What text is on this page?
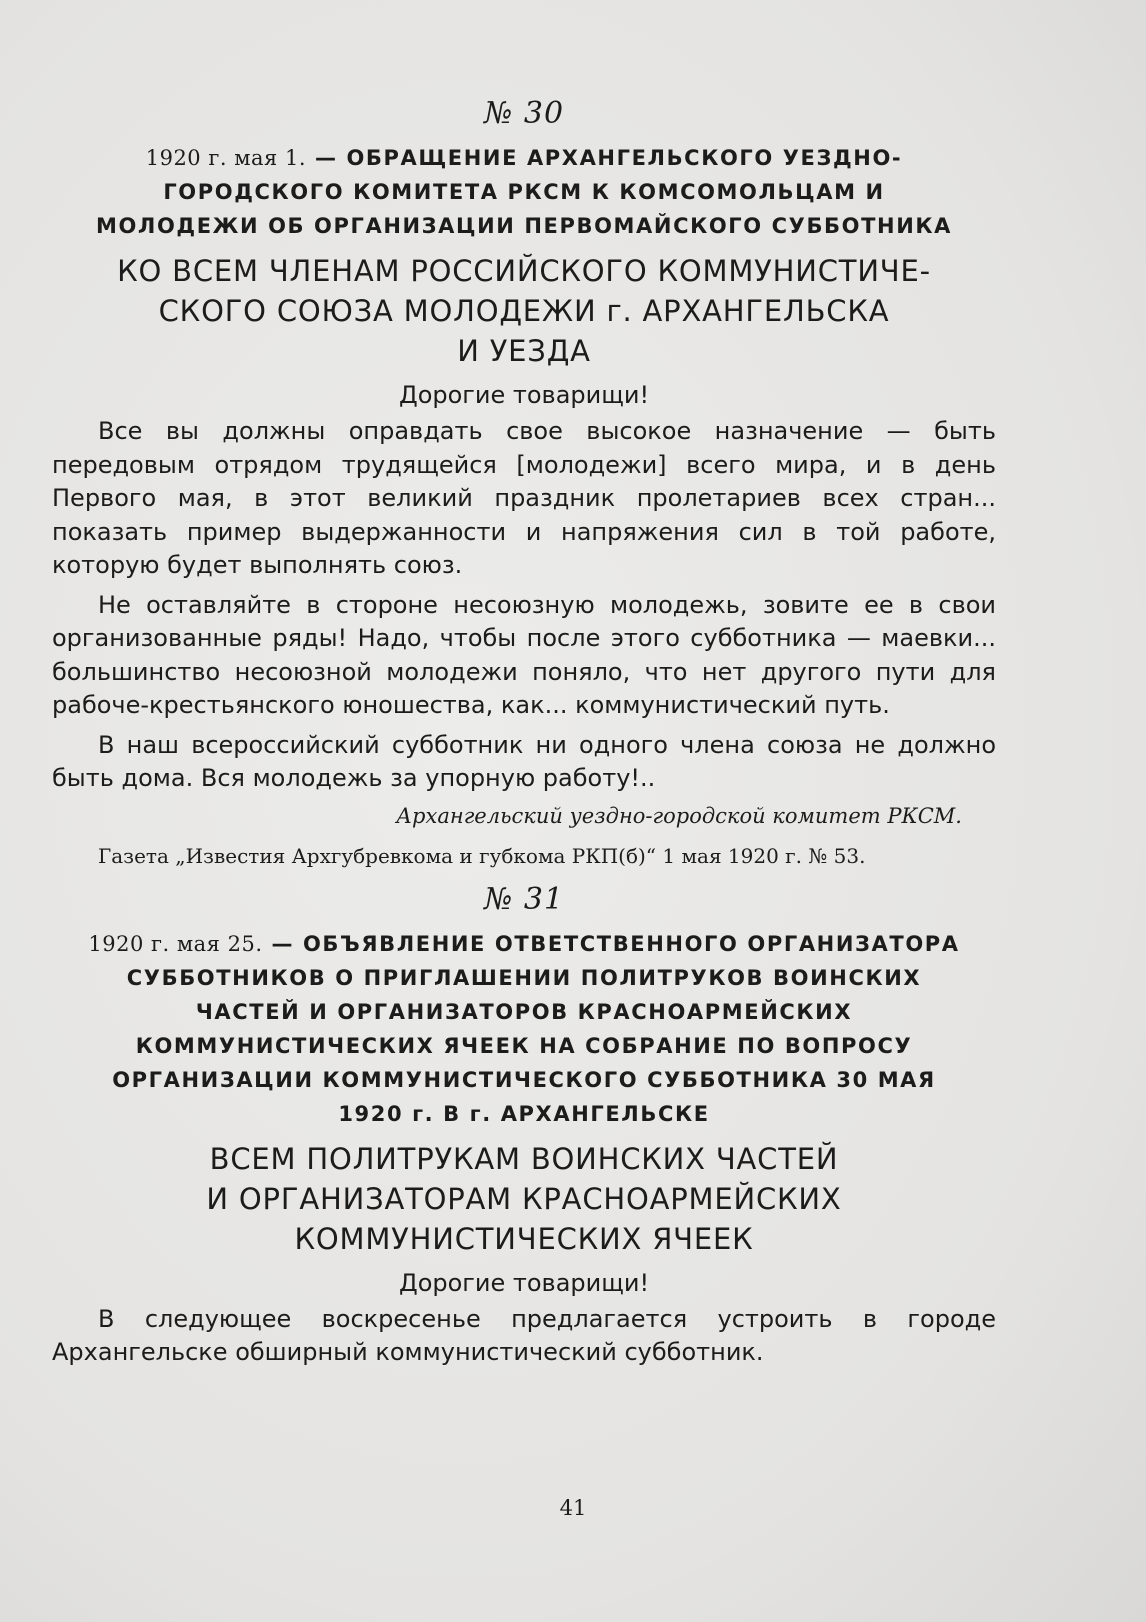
№ 30
1920 г. мая 1. — ОБРАЩЕНИЕ АРХАНГЕЛЬСКОГО УЕЗДНО-
ГОРОДСКОГО КОМИТЕТА РКСМ К КОМСОМОЛЬЦАМ И
МОЛОДЕЖИ ОБ ОРГАНИЗАЦИИ ПЕРВОМАЙСКОГО СУББОТНИКА
КО ВСЕМ ЧЛЕНАМ РОССИЙСКОГО КОММУНИСТИЧЕ-
СКОГО СОЮЗА МОЛОДЕЖИ г. АРХАНГЕЛЬСКА
И УЕЗДА
Дорогие товарищи!

Все вы должны оправдать свое высокое назначение — быть передовым отрядом трудящейся [молодежи] всего мира, и в день Первого мая, в этот великий праздник пролетариев всех стран... показать пример выдержанности и напряжения сил в той работе, которую будет выполнять союз.

Не оставляйте в стороне несоюзную молодежь, зовите ее в свои организованные ряды! Надо, чтобы после этого субботника — маевки... большинство несоюзной молодежи поняло, что нет другого пути для рабоче-крестьянского юношества, как... коммунистический путь.

В наш всероссийский субботник ни одного члена союза не должно быть дома. Вся молодежь за упорную работу!..

Архангельский уездно-городской комитет РКСМ.

Газета „Известия Архгубревкома и губкома РКП(б)“ 1 мая 1920 г. № 53.

№ 31
1920 г. мая 25. — ОБЪЯВЛЕНИЕ ОТВЕТСТВЕННОГО ОРГАНИЗАТОРА
СУББОТНИКОВ О ПРИГЛАШЕНИИ ПОЛИТРУКОВ ВОИНСКИХ
ЧАСТЕЙ И ОРГАНИЗАТОРОВ КРАСНОАРМЕЙСКИХ
КОММУНИСТИЧЕСКИХ ЯЧЕЕК НА СОБРАНИЕ ПО ВОПРОСУ
ОРГАНИЗАЦИИ КОММУНИСТИЧЕСКОГО СУББОТНИКА 30 МАЯ
1920 г. В г. АРХАНГЕЛЬСКЕ
ВСЕМ ПОЛИТРУКАМ ВОИНСКИХ ЧАСТЕЙ
И ОРГАНИЗАТОРАМ КРАСНОАРМЕЙСКИХ
КОММУНИСТИЧЕСКИХ ЯЧЕЕК
Дорогие товарищи!

В следующее воскресенье предлагается устроить в городе Архангельске обширный коммунистический субботник.

41
